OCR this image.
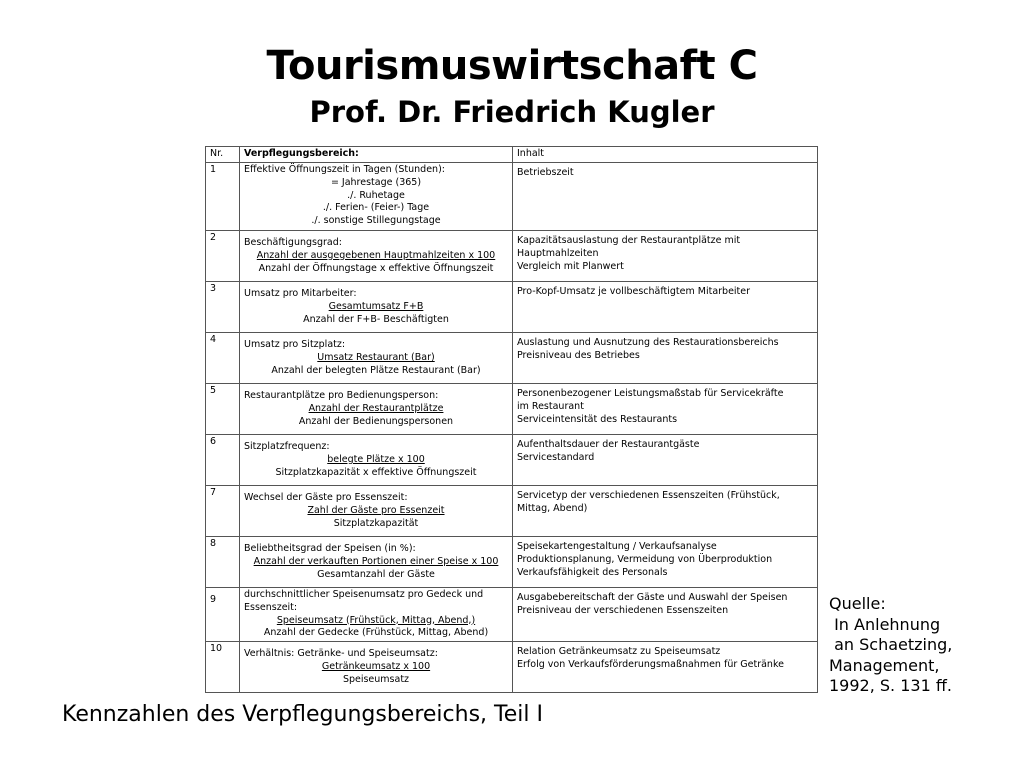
Tourismuswirtschaft C
Prof. Dr. Friedrich Kugler
Nr.	Verpflegungsbereich:	Inhalt
1	Effektive Öffnungszeit in Tagen (Stunden):
= Jahrestage (365)
./. Ruhetage
./. Ferien- (Feier-) Tage
./. sonstige Stillegungstage	Betriebszeit

2	Beschäftigungsgrad:
Anzahl der ausgegebenen Hauptmahlzeiten x 100
Anzahl der Öffnungstage x effektive Öffnungszeit	Kapazitätsauslastung der Restaurantplätze mit
Hauptmahlzeiten
Vergleich mit Planwert

3	Umsatz pro Mitarbeiter:
Gesamtumsatz F+B
Anzahl der F+B- Beschäftigten	Pro-Kopf-Umsatz je vollbeschäftigtem Mitarbeiter

4	Umsatz pro Sitzplatz:
Umsatz Restaurant (Bar)
Anzahl der belegten Plätze Restaurant (Bar)	Auslastung und Ausnutzung des Restaurationsbereichs
Preisniveau des Betriebes

5	Restaurantplätze pro Bedienungsperson:
Anzahl der Restaurantplätze
Anzahl der Bedienungspersonen	Personenbezogener Leistungsmaßstab für Servicekräfte
im Restaurant
Serviceintensität des Restaurants

6	Sitzplatzfrequenz:
belegte Plätze x 100
Sitzplatzkapazität x effektive Öffnungszeit	Aufenthaltsdauer der Restaurantgäste
Servicestandard

7	Wechsel der Gäste pro Essenszeit:
Zahl der Gäste pro Essenzeit
Sitzplatzkapazität	Servicetyp der verschiedenen Essenszeiten (Frühstück,
Mittag, Abend)

8	Beliebtheitsgrad der Speisen (in %):
Anzahl der verkauften Portionen einer Speise x 100
Gesamtanzahl der Gäste	Speisekartengestaltung / Verkaufsanalyse
Produktionsplanung, Vermeidung von Überproduktion
Verkaufsfähigkeit des Personals

9	durchschnittlicher Speisenumsatz pro Gedeck und Essenszeit:
Speiseumsatz (Frühstück, Mittag, Abend,)
Anzahl der Gedecke (Frühstück, Mittag, Abend)	Ausgabebereitschaft der Gäste und Auswahl der Speisen
Preisniveau der verschiedenen Essenszeiten

10	Verhältnis: Getränke- und Speiseumsatz:
Getränkeumsatz x 100
Speiseumsatz	Relation Getränkeumsatz zu Speiseumsatz
Erfolg von Verkaufsförderungsmaßnahmen für Getränke
Quelle:
In Anlehnung
an Schaetzing,
Management,
1992, S. 131 ff.
Kennzahlen des Verpflegungsbereichs, Teil I
